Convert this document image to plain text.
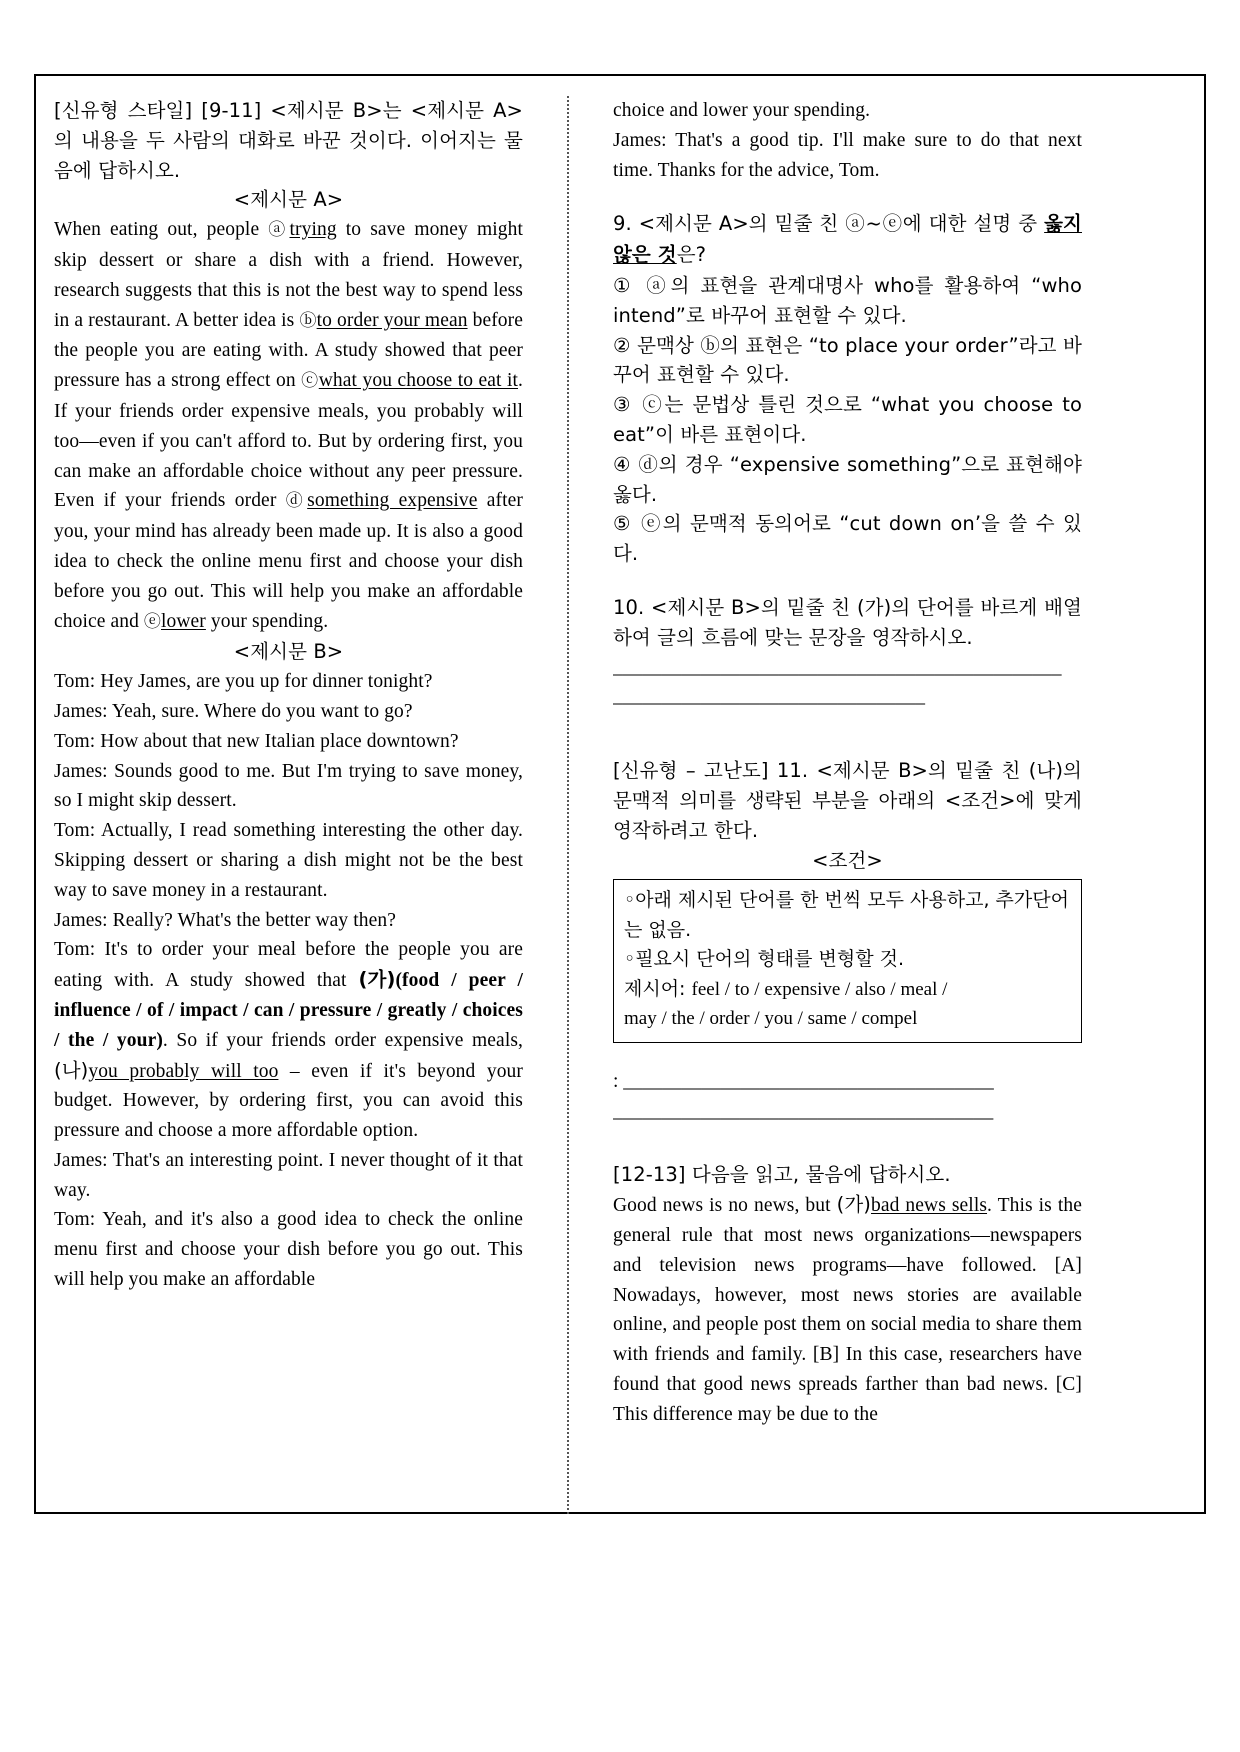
[신유형 스타일] [9-11] <제시문 B>는 <제시문 A>의 내용을 두 사람의 대화로 바꾼 것이다. 이어지는 물음에 답하시오.

<제시문 A>

When eating out, people ⓐtrying to save money might skip dessert or share a dish with a friend. However, research suggests that this is not the best way to spend less in a restaurant. A better idea is ⓑto order your mean before the people you are eating with. A study showed that peer pressure has a strong effect on ⓒwhat you choose to eat it. If your friends order expensive meals, you probably will too—even if you can't afford to. But by ordering first, you can make an affordable choice without any peer pressure. Even if your friends order ⓓsomething expensive after you, your mind has already been made up. It is also a good idea to check the online menu first and choose your dish before you go out. This will help you make an affordable choice and ⓔlower your spending.

<제시문 B>

Tom: Hey James, are you up for dinner tonight?

James: Yeah, sure. Where do you want to go?

Tom: How about that new Italian place downtown?

James: Sounds good to me. But I'm trying to save money, so I might skip dessert.

Tom: Actually, I read something interesting the other day. Skipping dessert or sharing a dish might not be the best way to save money in a restaurant.

James: Really? What's the better way then?

Tom: It's to order your meal before the people you are eating with. A study showed that (가)(food / peer / influence / of / impact / can / pressure / greatly / choices / the / your). So if your friends order expensive meals, (나)you probably will too – even if it's beyond your budget. However, by ordering first, you can avoid this pressure and choose a more affordable option.

James: That's an interesting point. I never thought of it that way.

Tom: Yeah, and it's also a good idea to check the online menu first and choose your dish before you go out. This will help you make an affordable

choice and lower your spending.

James: That's a good tip. I'll make sure to do that next time. Thanks for the advice, Tom.

9. <제시문 A>의 밑줄 친 ⓐ~ⓔ에 대한 설명 중 옳지 않은 것은?

① ⓐ의 표현을 관계대명사 who를 활용하여 “who intend”로 바꾸어 표현할 수 있다.

② 문맥상 ⓑ의 표현은 “to place your order”라고 바꾸어 표현할 수 있다.

③ ⓒ는 문법상 틀린 것으로 “what you choose to eat”이 바른 표현이다.

④ ⓓ의 경우 “expensive something”으로 표현해야 옳다.

⑤ ⓔ의 문맥적 동의어로 “cut down on’을 쓸 수 있다.

10. <제시문 B>의 밑줄 친 (가)의 단어를 바르게 배열하여 글의 흐름에 맞는 문장을 영작하시오.

______________________________________________
________________________________

[신유형 – 고난도] 11. <제시문 B>의 밑줄 친 (나)의 문맥적 의미를 생략된 부분을 아래의 <조건>에 맞게 영작하려고 한다.

<조건>

◦아래 제시된 단어를 한 번씩 모두 사용하고, 추가단어는 없음.
◦필요시 단어의 형태를 변형할 것.
제시어: feel / to / expensive / also / meal /
may / the / order / you / same / compel
: ______________________________________
_______________________________________

[12-13] 다음을 읽고, 물음에 답하시오.

Good news is no news, but (가)bad news sells. This is the general rule that most news organizations—newspapers and television news programs—have followed. [A] Nowadays, however, most news stories are available online, and people post them on social media to share them with friends and family. [B] In this case, researchers have found that good news spreads farther than bad news. [C] This difference may be due to the
